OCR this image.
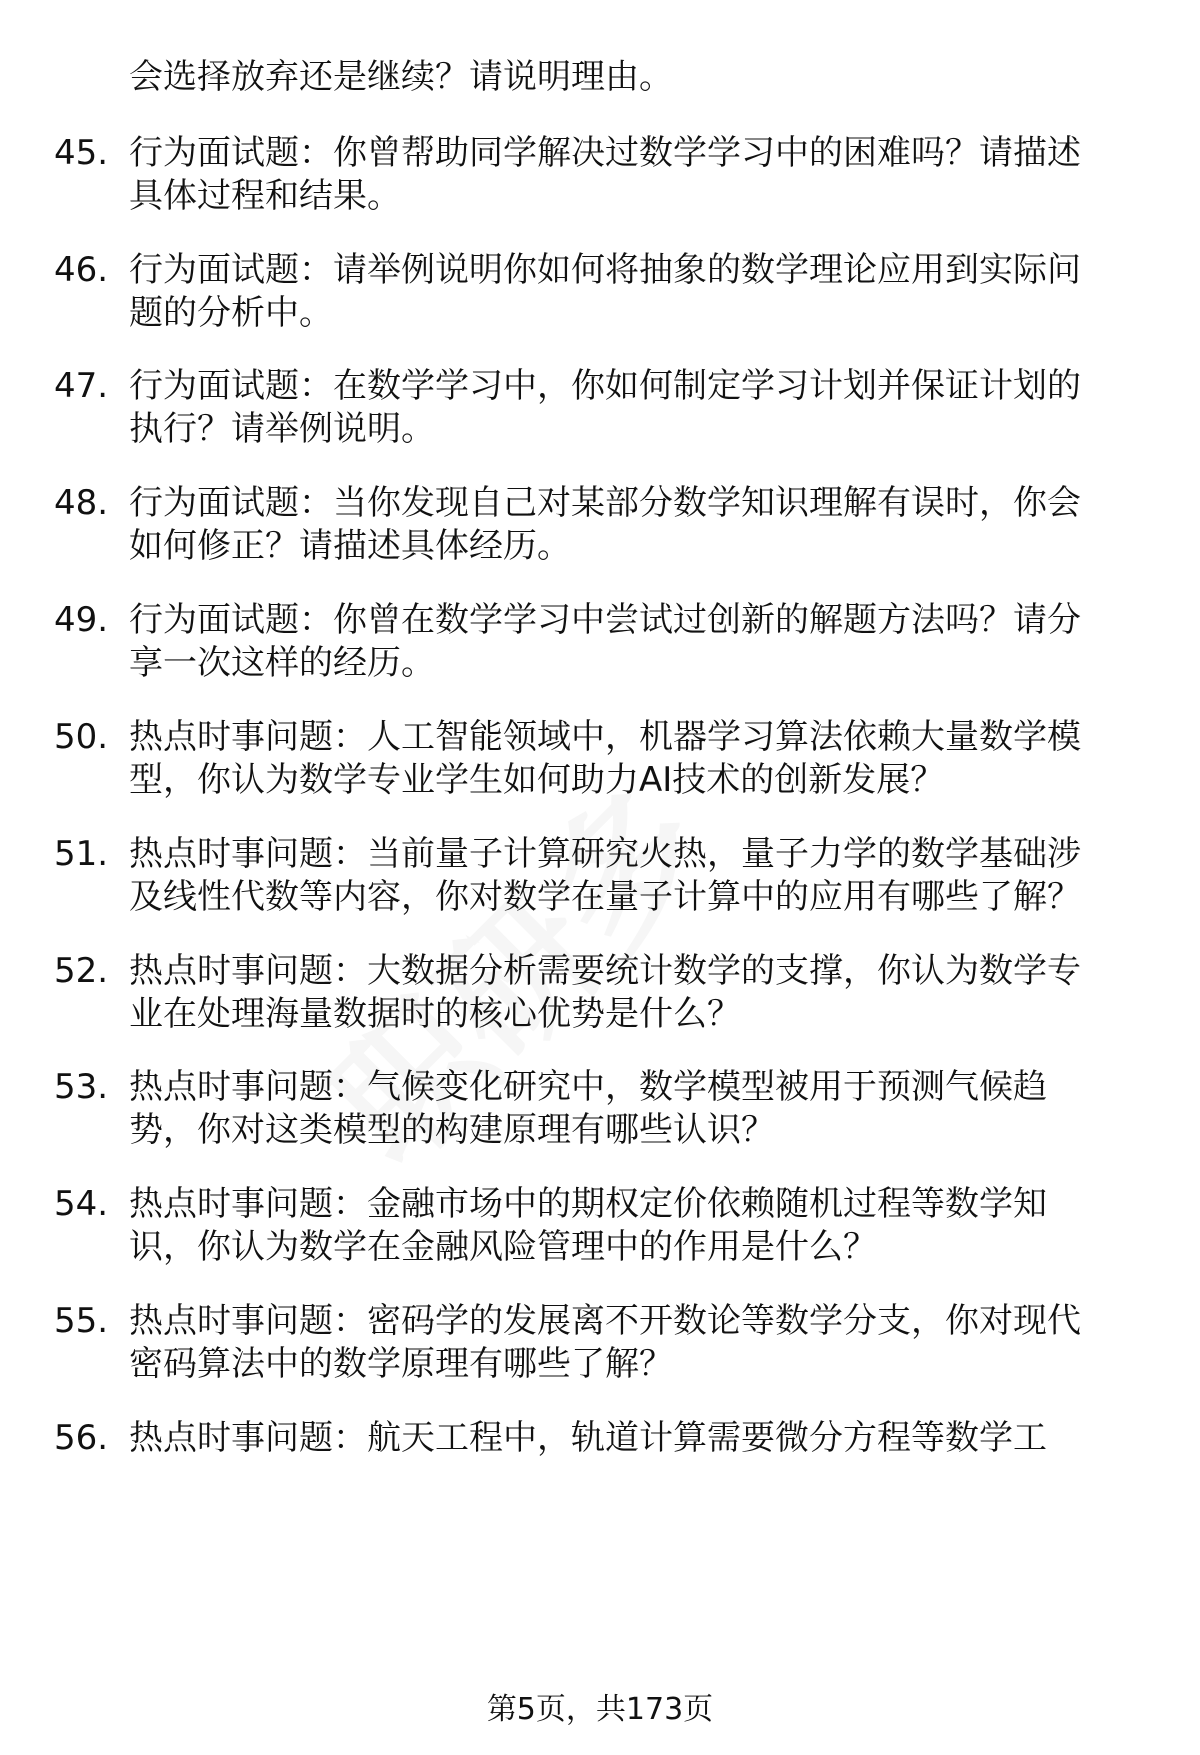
会选择放弃还是继续？请说明理由。
45. 行为面试题：你曾帮助同学解决过数学学习中的困难吗？请描述
具体过程和结果。
46. 行为面试题：请举例说明你如何将抽象的数学理论应用到实际问
题的分析中。
47. 行为面试题：在数学学习中，你如何制定学习计划并保证计划的
执行？请举例说明。
48. 行为面试题：当你发现自己对某部分数学知识理解有误时，你会
如何修正？请描述具体经历。
49. 行为面试题：你曾在数学学习中尝试过创新的解题方法吗？请分
享一次这样的经历。
50. 热点时事问题：人工智能领域中，机器学习算法依赖大量数学模
型，你认为数学专业学生如何助力AI技术的创新发展？
51. 热点时事问题：当前量子计算研究火热，量子力学的数学基础涉
及线性代数等内容，你对数学在量子计算中的应用有哪些了解？
52. 热点时事问题：大数据分析需要统计数学的支撑，你认为数学专
业在处理海量数据时的核心优势是什么？
53. 热点时事问题：气候变化研究中，数学模型被用于预测气候趋
势，你对这类模型的构建原理有哪些认识？
54. 热点时事问题：金融市场中的期权定价依赖随机过程等数学知
识，你认为数学在金融风险管理中的作用是什么？
55. 热点时事问题：密码学的发展离不开数论等数学分支，你对现代
密码算法中的数学原理有哪些了解？
56. 热点时事问题：航天工程中，轨道计算需要微分方程等数学工
第5页，共173页
